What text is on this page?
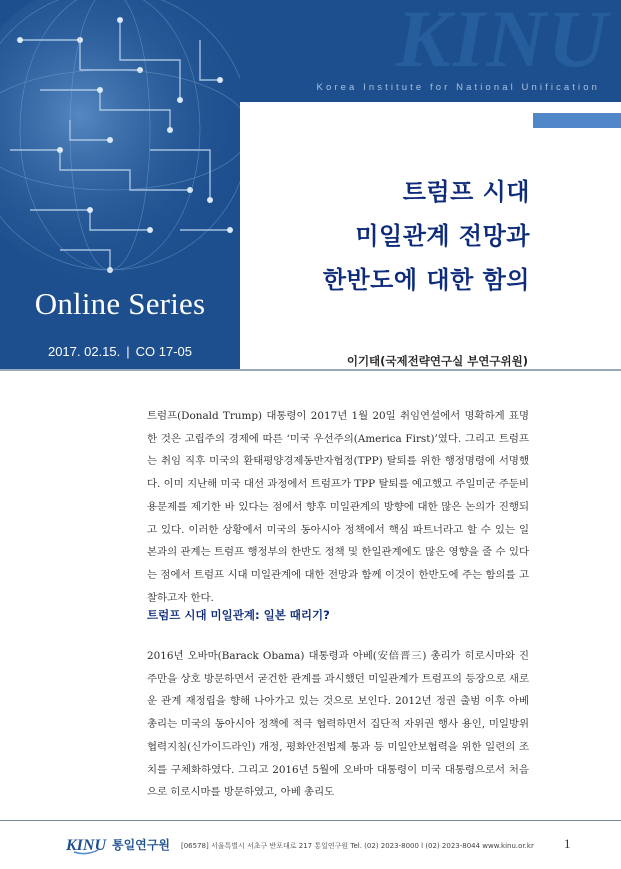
Online Series
2017. 02.15. | CO 17-05
KINU
Korea Institute for National Unification
트럼프 시대
미일관계 전망과
한반도에 대한 함의
이기태(국제전략연구실 부연구위원)

트럼프(Donald Trump) 대통령이 2017년 1월 20일 취임연설에서 명확하게 표명한 것은 고립주의 경제에 따른 ‘미국 우선주의(America First)’였다. 그리고 트럼프는 취임 직후 미국의 환태평양경제동반자협정(TPP) 탈퇴를 위한 행정명령에 서명했다. 이미 지난해 미국 대선 과정에서 트럼프가 TPP 탈퇴를 예고했고 주일미군 주둔비용문제를 제기한 바 있다는 점에서 향후 미일관계의 방향에 대한 많은 논의가 진행되고 있다. 이러한 상황에서 미국의 동아시아 정책에서 핵심 파트너라고 할 수 있는 일본과의 관계는 트럼프 행정부의 한반도 정책 및 한일관계에도 많은 영향을 줄 수 있다는 점에서 트럼프 시대 미일관계에 대한 전망과 함께 이것이 한반도에 주는 함의를 고찰하고자 한다.

트럼프 시대 미일관계: 일본 때리기?

2016년 오바마(Barack Obama) 대통령과 아베(安倍晋三) 총리가 히로시마와 진주만을 상호 방문하면서 굳건한 관계를 과시했던 미일관계가 트럼프의 등장으로 새로운 관계 재정립을 향해 나아가고 있는 것으로 보인다. 2012년 정권 출범 이후 아베 총리는 미국의 동아시아 정책에 적극 협력하면서 집단적 자위권 행사 용인, 미일방위협력지침(신가이드라인) 개정, 평화안전법제 통과 등 미일안보협력을 위한 일련의 조치를 구체화하였다. 그리고 2016년 5월에 오바마 대통령이 미국 대통령으로서 처음으로 히로시마를 방문하였고, 아베 총리도

KINU 통일연구원 [06578] 서울특별시 서초구 반포대로 217 통일연구원 Tel. (02) 2023-8000 l (02) 2023-8044 www.kinu.or.kr 1
